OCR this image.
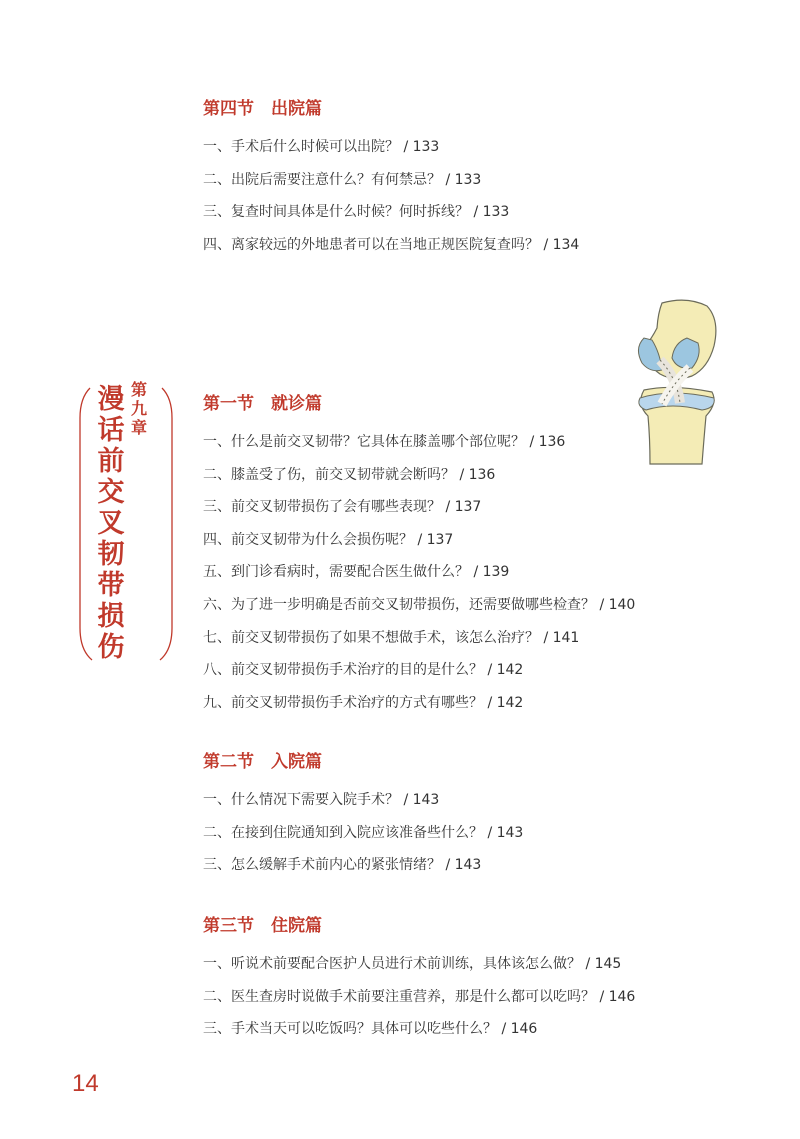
第四节　出院篇
一、手术后什么时候可以出院？ / 133
二、出院后需要注意什么？有何禁忌？ / 133
三、复查时间具体是什么时候？何时拆线？ / 133
四、离家较远的外地患者可以在当地正规医院复查吗？ / 134
漫话前交叉韧带损伤
第九章
第一节　就诊篇
一、什么是前交叉韧带？它具体在膝盖哪个部位呢？ / 136
二、膝盖受了伤，前交叉韧带就会断吗？ / 136
三、前交叉韧带损伤了会有哪些表现？ / 137
四、前交叉韧带为什么会损伤呢？ / 137
五、到门诊看病时，需要配合医生做什么？ / 139
六、为了进一步明确是否前交叉韧带损伤，还需要做哪些检查？ / 140
七、前交叉韧带损伤了如果不想做手术，该怎么治疗？ / 141
八、前交叉韧带损伤手术治疗的目的是什么？ / 142
九、前交叉韧带损伤手术治疗的方式有哪些？ / 142
第二节　入院篇
一、什么情况下需要入院手术？ / 143
二、在接到住院通知到入院应该准备些什么？ / 143
三、怎么缓解手术前内心的紧张情绪？ / 143
第三节　住院篇
一、听说术前要配合医护人员进行术前训练，具体该怎么做？ / 145
二、医生查房时说做手术前要注重营养，那是什么都可以吃吗？ / 146
三、手术当天可以吃饭吗？具体可以吃些什么？ / 146
14
